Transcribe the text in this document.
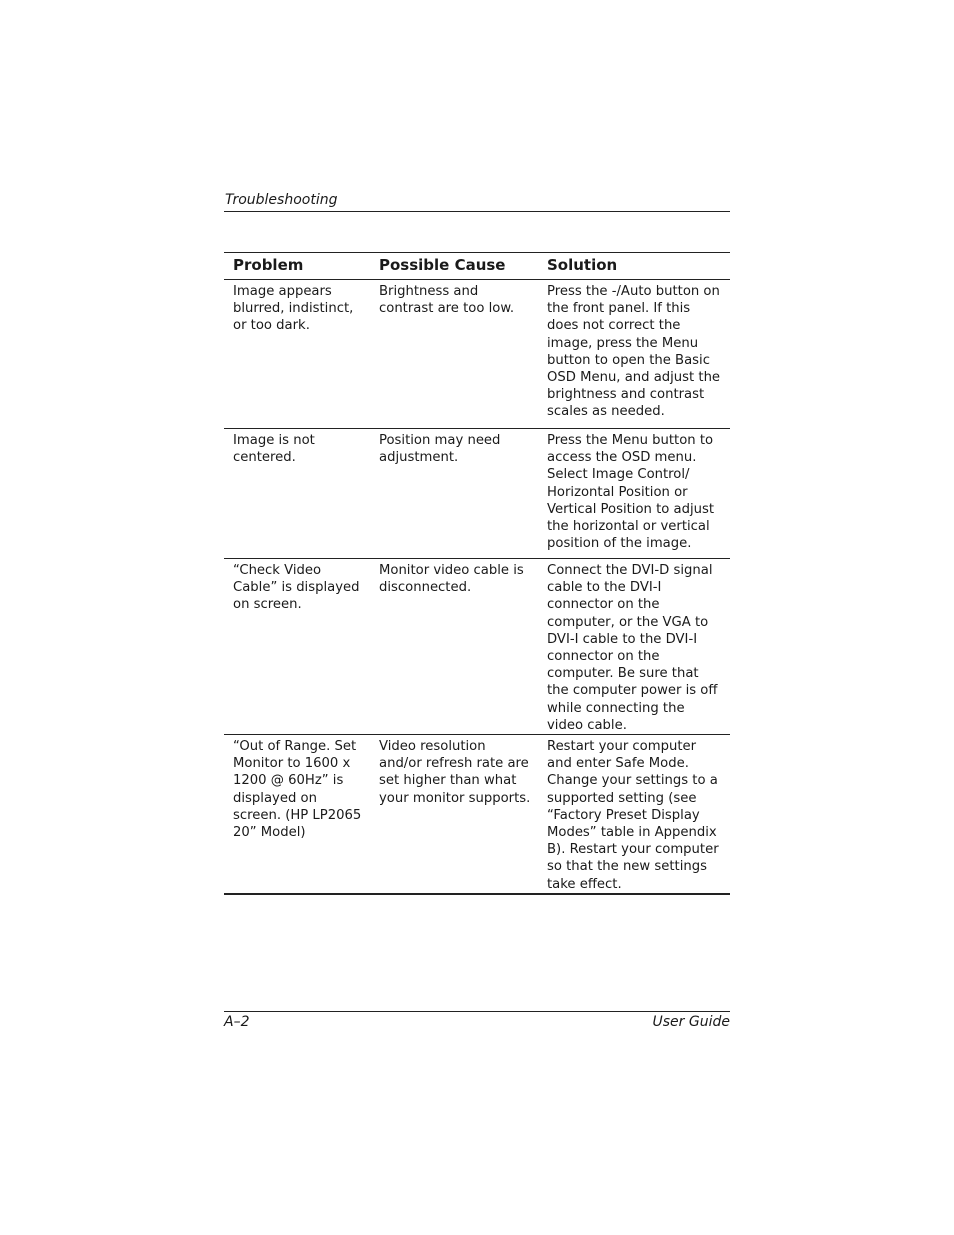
Troubleshooting
Problem	Possible Cause	Solution
Image appears blurred, indistinct, or too dark.	Brightness and contrast are too low.	Press the -/Auto button on the front panel. If this does not correct the image, press the Menu button to open the Basic OSD Menu, and adjust the brightness and contrast scales as needed.
Image is not centered.	Position may need adjustment.	Press the Menu button to access the OSD menu. Select Image Control/ Horizontal Position or Vertical Position to adjust the horizontal or vertical position of the image.
“Check Video Cable” is displayed on screen.	Monitor video cable is disconnected.	Connect the DVI-D signal cable to the DVI-I connector on the computer, or the VGA to DVI-I cable to the DVI-I connector on the computer. Be sure that the computer power is off while connecting the video cable.
“Out of Range. Set Monitor to 1600 x 1200 @ 60Hz” is displayed on screen. (HP LP2065 20” Model)	Video resolution and/or refresh rate are set higher than what your monitor supports.	Restart your computer and enter Safe Mode. Change your settings to a supported setting (see “Factory Preset Display Modes” table in Appendix B). Restart your computer so that the new settings take effect.
A–2	User Guide
